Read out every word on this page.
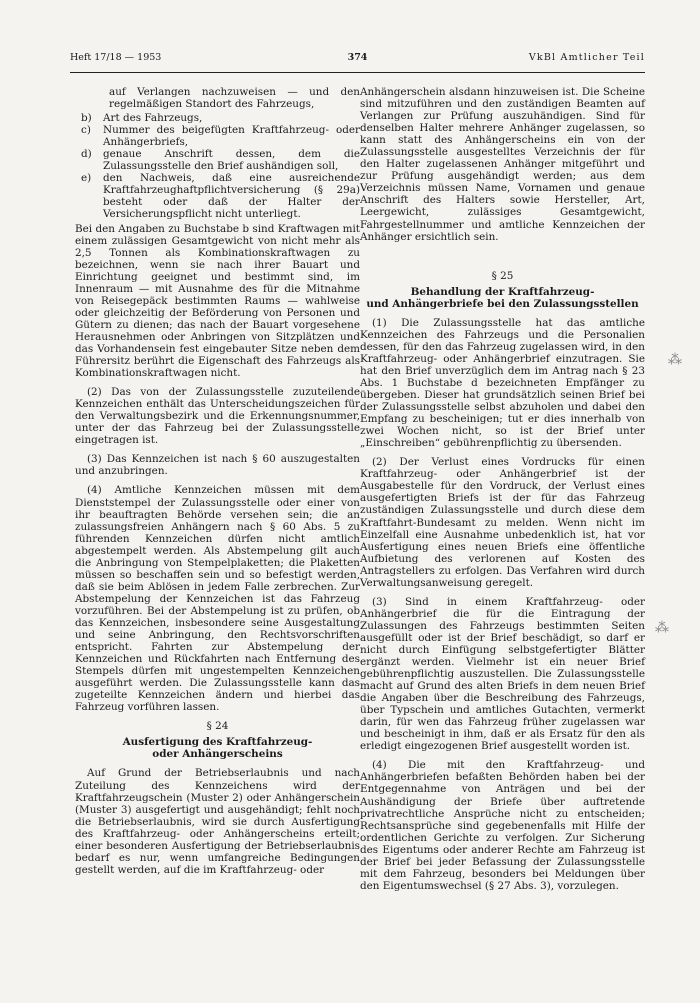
Heft 17/18 — 1953	374	VkBl Amtlicher Teil
auf Verlangen nachzuweisen — und den regelmäßigen Standort des Fahrzeugs,
b)	Art des Fahrzeugs,
c)	Nummer des beigefügten Kraftfahrzeug- oder Anhängerbriefs,
d)	genaue Anschrift dessen, dem die Zulassungsstelle den Brief aushändigen soll,
e)	den Nachweis, daß eine ausreichende Kraftfahrzeughaftpflichtversicherung (§ 29a) besteht oder daß der Halter der Versicherungspflicht nicht unterliegt.

Bei den Angaben zu Buchstabe b sind Kraftwagen mit einem zulässigen Gesamtgewicht von nicht mehr als 2,5 Tonnen als Kombinationskraftwagen zu bezeichnen, wenn sie nach ihrer Bauart und Einrichtung geeignet und bestimmt sind, im Innenraum — mit Ausnahme des für die Mitnahme von Reisegepäck bestimmten Raums — wahlweise oder gleichzeitig der Beförderung von Personen und Gütern zu dienen; das nach der Bauart vorgesehene Herausnehmen oder Anbringen von Sitzplätzen und das Vorhandensein fest eingebauter Sitze neben dem Führersitz berührt die Eigenschaft des Fahrzeugs als Kombinationskraftwagen nicht.

(2) Das von der Zulassungsstelle zuzuteilende Kennzeichen enthält das Unterscheidungszeichen für den Verwaltungsbezirk und die Erkennungsnummer, unter der das Fahrzeug bei der Zulassungsstelle eingetragen ist.

(3) Das Kennzeichen ist nach § 60 auszugestalten und anzubringen.

(4) Amtliche Kennzeichen müssen mit dem Dienststempel der Zulassungsstelle oder einer von ihr beauftragten Behörde versehen sein; die an zulassungsfreien Anhängern nach § 60 Abs. 5 zu führenden Kennzeichen dürfen nicht amtlich abgestempelt werden. Als Abstempelung gilt auch die Anbringung von Stempelplaketten; die Plaketten müssen so beschaffen sein und so befestigt werden, daß sie beim Ablösen in jedem Falle zerbrechen. Zur Abstempelung der Kennzeichen ist das Fahrzeug vorzuführen. Bei der Abstempelung ist zu prüfen, ob das Kennzeichen, insbesondere seine Ausgestaltung und seine Anbringung, den Rechtsvorschriften entspricht. Fahrten zur Abstempelung der Kennzeichen und Rückfahrten nach Entfernung des Stempels dürfen mit ungestempelten Kennzeichen ausgeführt werden. Die Zulassungsstelle kann das zugeteilte Kennzeichen ändern und hierbei das Fahrzeug vorführen lassen.

§ 24
Ausfertigung des Kraftfahrzeug-
oder Anhängerscheins

Auf Grund der Betriebserlaubnis und nach Zuteilung des Kennzeichens wird der Kraftfahrzeugschein (Muster 2) oder Anhängerschein (Muster 3) ausgefertigt und ausgehändigt; fehlt noch die Betriebserlaubnis, wird sie durch Ausfertigung des Kraftfahrzeug- oder Anhängerscheins erteilt; einer besonderen Ausfertigung der Betriebserlaubnis bedarf es nur, wenn umfangreiche Bedingungen gestellt werden, auf die im Kraftfahrzeug- oder

Anhängerschein alsdann hinzuweisen ist. Die Scheine sind mitzuführen und den zuständigen Beamten auf Verlangen zur Prüfung auszuhändigen. Sind für denselben Halter mehrere Anhänger zugelassen, so kann statt des Anhängerscheins ein von der Zulassungsstelle ausgestelltes Verzeichnis der für den Halter zugelassenen Anhänger mitgeführt und zur Prüfung ausgehändigt werden; aus dem Verzeichnis müssen Name, Vornamen und genaue Anschrift des Halters sowie Hersteller, Art, Leergewicht, zulässiges Gesamtgewicht, Fahrgestellnummer und amtliche Kennzeichen der Anhänger ersichtlich sein.

§ 25
Behandlung der Kraftfahrzeug-
und Anhängerbriefe bei den Zulassungsstellen

(1) Die Zulassungsstelle hat das amtliche Kennzeichen des Fahrzeugs und die Personalien dessen, für den das Fahrzeug zugelassen wird, in den Kraftfahrzeug- oder Anhängerbrief einzutragen. Sie hat den Brief unverzüglich dem im Antrag nach § 23 Abs. 1 Buchstabe d bezeichneten Empfänger zu übergeben. Dieser hat grundsätzlich seinen Brief bei der Zulassungsstelle selbst abzuholen und dabei den Empfang zu bescheinigen; tut er dies innerhalb von zwei Wochen nicht, so ist der Brief unter „Einschreiben“ gebührenpflichtig zu übersenden.

(2) Der Verlust eines Vordrucks für einen Kraftfahrzeug- oder Anhängerbrief ist der Ausgabestelle für den Vordruck, der Verlust eines ausgefertigten Briefs ist der für das Fahrzeug zuständigen Zulassungsstelle und durch diese dem Kraftfahrt-Bundesamt zu melden. Wenn nicht im Einzelfall eine Ausnahme unbedenklich ist, hat vor Ausfertigung eines neuen Briefs eine öffentliche Aufbietung des verlorenen auf Kosten des Antragstellers zu erfolgen. Das Verfahren wird durch Verwaltungsanweisung geregelt.

(3) Sind in einem Kraftfahrzeug- oder Anhängerbrief die für die Eintragung der Zulassungen des Fahrzeugs bestimmten Seiten ausgefüllt oder ist der Brief beschädigt, so darf er nicht durch Einfügung selbstgefertigter Blätter ergänzt werden. Vielmehr ist ein neuer Brief gebührenpflichtig auszustellen. Die Zulassungsstelle macht auf Grund des alten Briefs in dem neuen Brief die Angaben über die Beschreibung des Fahrzeugs, über Typschein und amtliches Gutachten, vermerkt darin, für wen das Fahrzeug früher zugelassen war und bescheinigt in ihm, daß er als Ersatz für den als erledigt eingezogenen Brief ausgestellt worden ist.

(4) Die mit den Kraftfahrzeug- und Anhängerbriefen befaßten Behörden haben bei der Entgegennahme von Anträgen und bei der Aushändigung der Briefe über auftretende privatrechtliche Ansprüche nicht zu entscheiden; Rechtsansprüche sind gegebenenfalls mit Hilfe der ordentlichen Gerichte zu verfolgen. Zur Sicherung des Eigentums oder anderer Rechte am Fahrzeug ist der Brief bei jeder Befassung der Zulassungsstelle mit dem Fahrzeug, besonders bei Meldungen über den Eigentumswechsel (§ 27 Abs. 3), vorzulegen.

⁂
⁂
